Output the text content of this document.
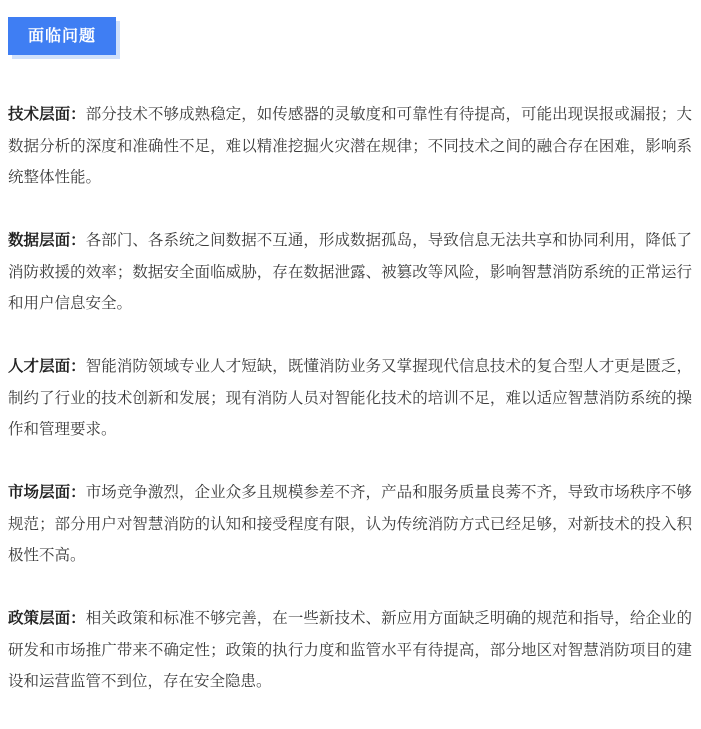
面临问题
技术层面：部分技术不够成熟稳定，如传感器的灵敏度和可靠性有待提高，可能出现误报或漏报；大数据分析的深度和准确性不足，难以精准挖掘火灾潜在规律；不同技术之间的融合存在困难，影响系统整体性能。
数据层面：各部门、各系统之间数据不互通，形成数据孤岛，导致信息无法共享和协同利用，降低了消防救援的效率；数据安全面临威胁，存在数据泄露、被篡改等风险，影响智慧消防系统的正常运行和用户信息安全。
人才层面：智能消防领域专业人才短缺，既懂消防业务又掌握现代信息技术的复合型人才更是匮乏，制约了行业的技术创新和发展；现有消防人员对智能化技术的培训不足，难以适应智慧消防系统的操作和管理要求。
市场层面：市场竞争激烈，企业众多且规模参差不齐，产品和服务质量良莠不齐，导致市场秩序不够规范；部分用户对智慧消防的认知和接受程度有限，认为传统消防方式已经足够，对新技术的投入积极性不高。
政策层面：相关政策和标准不够完善，在一些新技术、新应用方面缺乏明确的规范和指导，给企业的研发和市场推广带来不确定性；政策的执行力度和监管水平有待提高，部分地区对智慧消防项目的建设和运营监管不到位，存在安全隐患。
